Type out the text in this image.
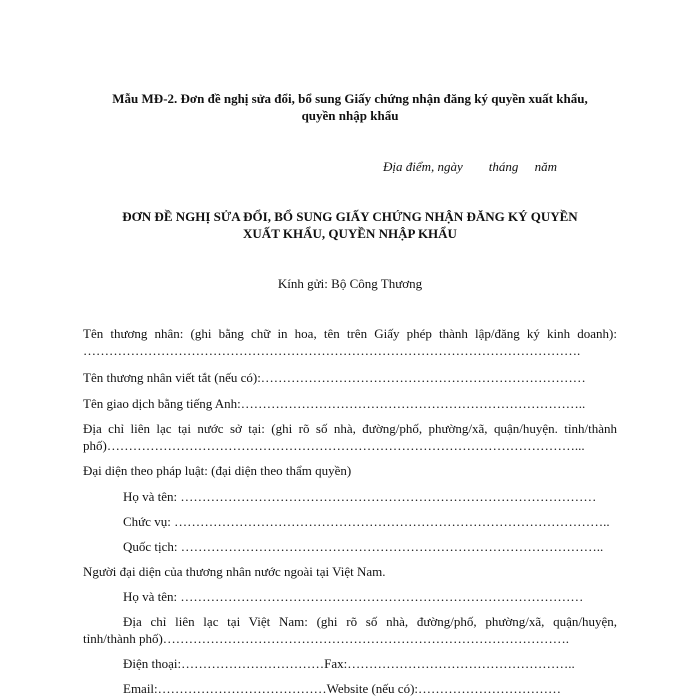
Mẫu MĐ-2. Đơn đề nghị sửa đổi, bổ sung Giấy chứng nhận đăng ký quyền xuất khẩu,
quyền nhập khẩu
Địa điểm, ngày        tháng     năm
ĐƠN ĐỀ NGHỊ SỬA ĐỔI, BỔ SUNG GIẤY CHỨNG NHẬN ĐĂNG KÝ QUYỀN
XUẤT KHẨU, QUYỀN NHẬP KHẨU
Kính gửi: Bộ Công Thương
Tên thương nhân: (ghi bằng chữ in hoa, tên trên Giấy phép thành lập/đăng ký kinh doanh):
…………………………………………………………………………………………………….
Tên thương nhân viết tắt (nếu có):…………………………………………………………………
Tên giao dịch bằng tiếng Anh:……………………………………………………………………..
Địa chỉ liên lạc tại nước sở tại: (ghi rõ số nhà, đường/phố, phường/xã, quận/huyện. tỉnh/thành
phố)………………………………………………………………………………………………...
Đại diện theo pháp luật: (đại diện theo thẩm quyền)
Họ và tên: ……………………………………………………………………………………
Chức vụ: ………………………………………………………………………………………..
Quốc tịch: ……………………………………………………………………………………..
Người đại diện của thương nhân nước ngoài tại Việt Nam.
Họ và tên: …………………………………………………………………………………
Địa chỉ liên lạc tại Việt Nam: (ghi rõ số nhà, đường/phố, phường/xã, quận/huyện,
tỉnh/thành phố)………………………………………………………………………………….
Điện thoại:……………………………Fax:……………………………………………..
Email:…………………………………Website (nếu có):……………………………
